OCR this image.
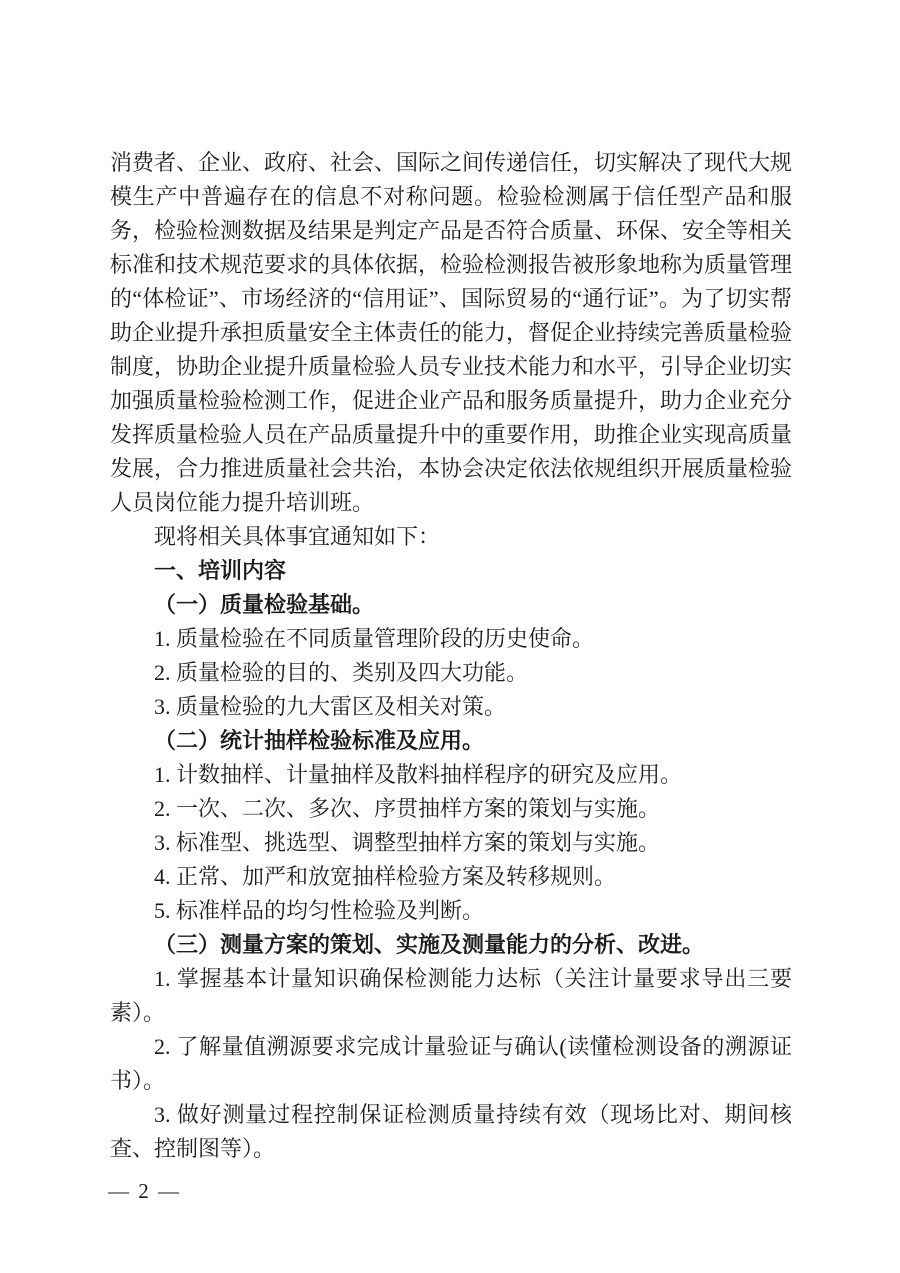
消费者、企业、政府、社会、国际之间传递信任，切实解决了现代大规模生产中普遍存在的信息不对称问题。检验检测属于信任型产品和服务，检验检测数据及结果是判定产品是否符合质量、环保、安全等相关标准和技术规范要求的具体依据，检验检测报告被形象地称为质量管理的“体检证”、市场经济的“信用证”、国际贸易的“通行证”。为了切实帮助企业提升承担质量安全主体责任的能力，督促企业持续完善质量检验制度，协助企业提升质量检验人员专业技术能力和水平，引导企业切实加强质量检验检测工作，促进企业产品和服务质量提升，助力企业充分发挥质量检验人员在产品质量提升中的重要作用，助推企业实现高质量发展，合力推进质量社会共治，本协会决定依法依规组织开展质量检验人员岗位能力提升培训班。

现将相关具体事宜通知如下：

一、培训内容

（一）质量检验基础。

1. 质量检验在不同质量管理阶段的历史使命。

2. 质量检验的目的、类别及四大功能。

3. 质量检验的九大雷区及相关对策。

（二）统计抽样检验标准及应用。

1. 计数抽样、计量抽样及散料抽样程序的研究及应用。

2. 一次、二次、多次、序贯抽样方案的策划与实施。

3. 标准型、挑选型、调整型抽样方案的策划与实施。

4. 正常、加严和放宽抽样检验方案及转移规则。

5. 标准样品的均匀性检验及判断。

（三）测量方案的策划、实施及测量能力的分析、改进。

1. 掌握基本计量知识确保检测能力达标（关注计量要求导出三要素）。

2. 了解量值溯源要求完成计量验证与确认(读懂检测设备的溯源证书）。

3. 做好测量过程控制保证检测质量持续有效（现场比对、期间核查、控制图等）。

— 2 —
